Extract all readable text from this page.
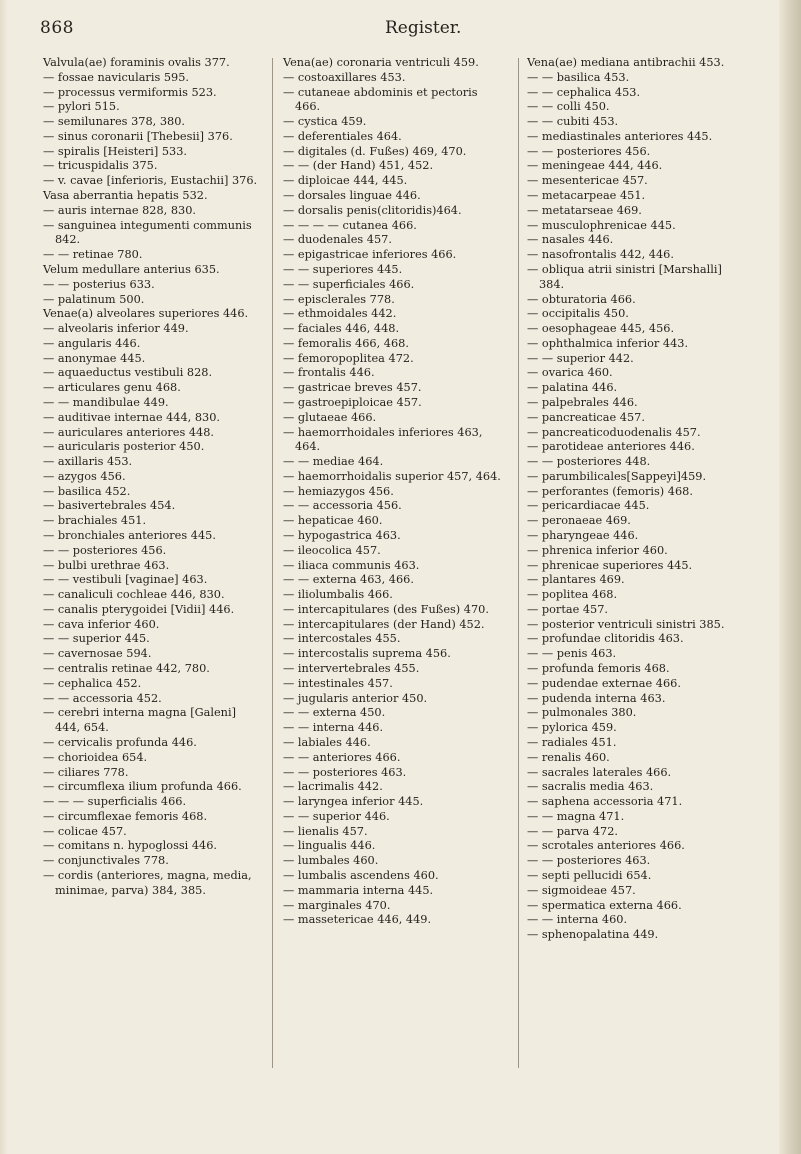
868	Register.
Valvula(ae) foraminis ovalis 377.
— fossae navicularis 595.
— processus vermiformis 523.
— pylori 515.
— semilunares 378, 380.
— sinus coronarii [Thebesii] 376.
— spiralis [Heisteri] 533.
— tricuspidalis 375.
— v. cavae [inferioris, Eustachii] 376.
Vasa aberrantia hepatis 532.
— auris internae 828, 830.
— sanguinea integumenti communis 842.
— — retinae 780.
Velum medullare anterius 635.
— — posterius 633.
— palatinum 500.
Venae(a) alveolares superiores 446.
— alveolaris inferior 449.
— angularis 446.
— anonymae 445.
— aquaeductus vestibuli 828.
— articulares genu 468.
— — mandibulae 449.
— auditivae internae 444, 830.
— auriculares anteriores 448.
— auricularis posterior 450.
— axillaris 453.
— azygos 456.
— basilica 452.
— basivertebrales 454.
— brachiales 451.
— bronchiales anteriores 445.
— — posteriores 456.
— bulbi urethrae 463.
— — vestibuli [vaginae] 463.
— canaliculi cochleae 446, 830.
— canalis pterygoidei [Vidii] 446.
— cava inferior 460.
— — superior 445.
— cavernosae 594.
— centralis retinae 442, 780.
— cephalica 452.
— — accessoria 452.
— cerebri interna magna [Galeni] 444, 654.
— cervicalis profunda 446.
— chorioidea 654.
— ciliares 778.
— circumflexa ilium profunda 466.
— — — superficialis 466.
— circumflexae femoris 468.
— colicae 457.
— comitans n. hypoglossi 446.
— conjunctivales 778.
— cordis (anteriores, magna, media, minimae, parva) 384, 385.
Vena(ae) coronaria ventriculi 459.
— costoaxillares 453.
— cutaneae abdominis et pectoris 466.
— cystica 459.
— deferentiales 464.
— digitales (d. Fußes) 469, 470.
— — (der Hand) 451, 452.
— diploicae 444, 445.
— dorsales linguae 446.
— dorsalis penis(clitoridis)464.
— — — — cutanea 466.
— duodenales 457.
— epigastricae inferiores 466.
— — superiores 445.
— — superficiales 466.
— episclerales 778.
— ethmoidales 442.
— faciales 446, 448.
— femoralis 466, 468.
— femoropoplitea 472.
— frontalis 446.
— gastricae breves 457.
— gastroepiploicae 457.
— glutaeae 466.
— haemorrhoidales inferiores 463, 464.
— — mediae 464.
— haemorrhoidalis superior 457, 464.
— hemiazygos 456.
— — accessoria 456.
— hepaticae 460.
— hypogastrica 463.
— ileocolica 457.
— iliaca communis 463.
— — externa 463, 466.
— iliolumbalis 466.
— intercapitulares (des Fußes) 470.
— intercapitulares (der Hand) 452.
— intercostales 455.
— intercostalis suprema 456.
— intervertebrales 455.
— intestinales 457.
— jugularis anterior 450.
— — externa 450.
— — interna 446.
— labiales 446.
— — anteriores 466.
— — posteriores 463.
— lacrimalis 442.
— laryngea inferior 445.
— — superior 446.
— lienalis 457.
— lingualis 446.
— lumbales 460.
— lumbalis ascendens 460.
— mammaria interna 445.
— marginales 470.
— massetericae 446, 449.
Vena(ae) mediana antibrachii 453.
— — basilica 453.
— — cephalica 453.
— — colli 450.
— — cubiti 453.
— mediastinales anteriores 445.
— — posteriores 456.
— meningeae 444, 446.
— mesentericae 457.
— metacarpeae 451.
— metatarseae 469.
— musculophrenicae 445.
— nasales 446.
— nasofrontalis 442, 446.
— obliqua atrii sinistri [Marshalli] 384.
— obturatoria 466.
— occipitalis 450.
— oesophageae 445, 456.
— ophthalmica inferior 443.
— — superior 442.
— ovarica 460.
— palatina 446.
— palpebrales 446.
— pancreaticae 457.
— pancreaticoduodenalis 457.
— parotideae anteriores 446.
— — posteriores 448.
— parumbilicales[Sappeyi]459.
— perforantes (femoris) 468.
— pericardiacae 445.
— peronaeae 469.
— pharyngeae 446.
— phrenica inferior 460.
— phrenicae superiores 445.
— plantares 469.
— poplitea 468.
— portae 457.
— posterior ventriculi sinistri 385.
— profundae clitoridis 463.
— — penis 463.
— profunda femoris 468.
— pudendae externae 466.
— pudenda interna 463.
— pulmonales 380.
— pylorica 459.
— radiales 451.
— renalis 460.
— sacrales laterales 466.
— sacralis media 463.
— saphena accessoria 471.
— — magna 471.
— — parva 472.
— scrotales anteriores 466.
— — posteriores 463.
— septi pellucidi 654.
— sigmoideae 457.
— spermatica externa 466.
— — interna 460.
— sphenopalatina 449.
